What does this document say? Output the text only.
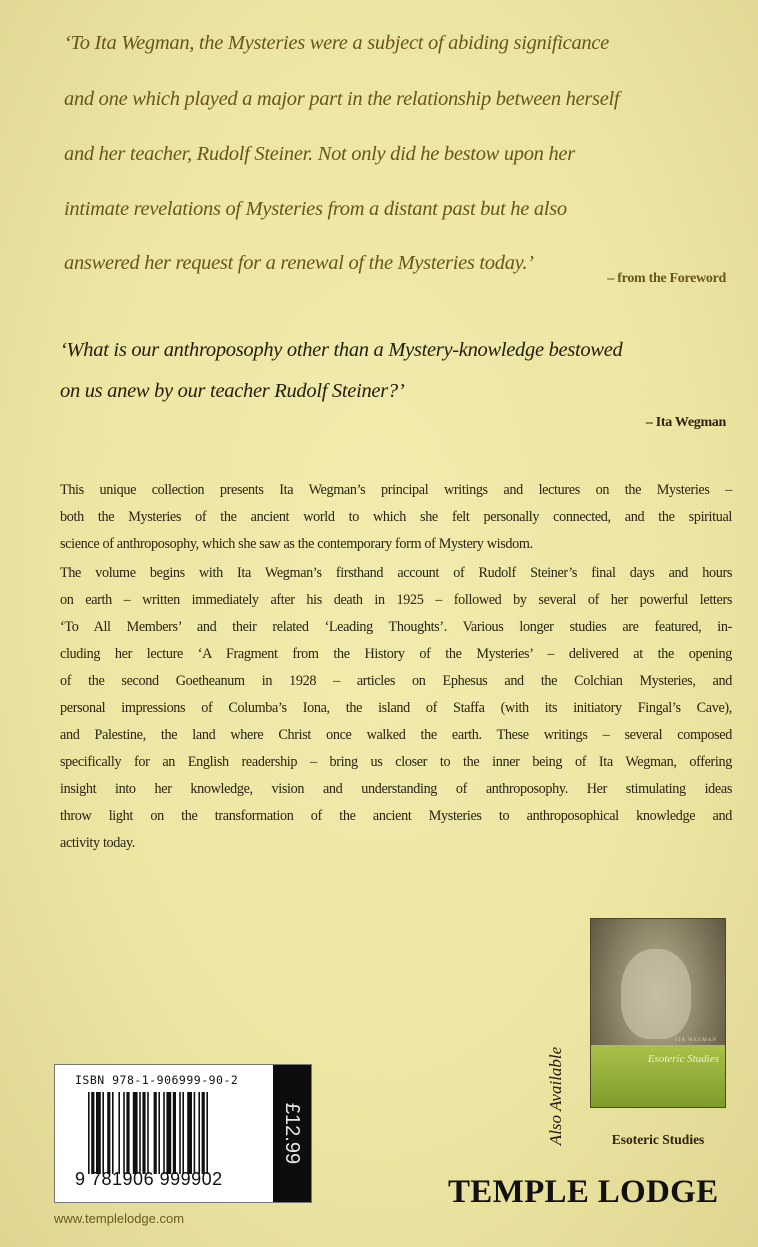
‘To Ita Wegman, the Mysteries were a subject of abiding significance
and one which played a major part in the relationship between herself
and her teacher, Rudolf Steiner. Not only did he bestow upon her
intimate revelations of Mysteries from a distant past but he also
answered her request for a renewal of the Mysteries today.’
– from the Foreword
‘What is our anthroposophy other than a Mystery-knowledge bestowed
on us anew by our teacher Rudolf Steiner?’
– Ita Wegman
This unique collection presents Ita Wegman’s principal writings and lectures on the Mysteries –
both the Mysteries of the ancient world to which she felt personally connected, and the spiritual
science of anthroposophy, which she saw as the contemporary form of Mystery wisdom.
The volume begins with Ita Wegman’s firsthand account of Rudolf Steiner’s final days and hours
on earth – written immediately after his death in 1925 – followed by several of her powerful letters
‘To All Members’ and their related ‘Leading Thoughts’. Various longer studies are featured, in-
cluding her lecture ‘A Fragment from the History of the Mysteries’ – delivered at the opening
of the second Goetheanum in 1928 – articles on Ephesus and the Colchian Mysteries, and
personal impressions of Columba’s Iona, the island of Staffa (with its initiatory Fingal’s Cave),
and Palestine, the land where Christ once walked the earth. These writings – several composed
specifically for an English readership – bring us closer to the inner being of Ita Wegman, offering
insight into her knowledge, vision and understanding of anthroposophy. Her stimulating ideas
throw light on the transformation of the ancient Mysteries to anthroposophical knowledge and
activity today.
ITA WEGMAN
Esoteric Studies
Also Available	Esoteric Studies
ISBN 978-1-906999-90-2
9 781906 999902
£12.99
www.templelodge.com
TEMPLE LODGE
